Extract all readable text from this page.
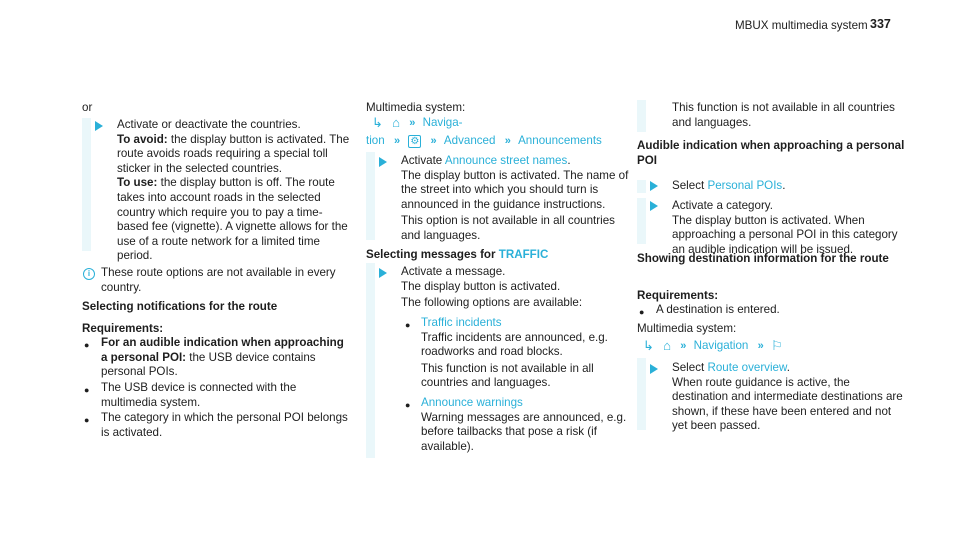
MBUX multimedia system 337

or

Activate or deactivate the countries.

To avoid: the display button is activated. The route avoids roads requiring a special toll sticker in the selected countries.

To use: the display button is off. The route takes into account roads in the selected country which require you to pay a time-based fee (vignette). A vignette allows for the use of a route network for a limited time period.

i These route options are not available in every country.

Selecting notifications for the route

Requirements:

● For an audible indication when approaching a personal POI: the USB device contains personal POIs.

● The USB device is connected with the multimedia system.

● The category in which the personal POI belongs is activated.

Multimedia system:

↳ ⌂ » Naviga-
tion » ⚙ » Advanced » Announcements

Activate Announce street names.

The display button is activated. The name of the street into which you should turn is announced in the guidance instructions.

This option is not available in all countries and languages.

Selecting messages for TRAFFIC

Activate a message.

The display button is activated.

The following options are available:

● Traffic incidents

Traffic incidents are announced, e.g. roadworks and road blocks.

This function is not available in all countries and languages.

● Announce warnings

Warning messages are announced, e.g. before tailbacks that pose a risk (if available).

This function is not available in all countries and languages.

Audible indication when approaching a personal POI

Select Personal POIs.

Activate a category.

The display button is activated. When approaching a personal POI in this category an audible indication will be issued.

Showing destination information for the route

Requirements:

● A destination is entered.

Multimedia system:

↳ ⌂ » Navigation » ⚐

Select Route overview.

When route guidance is active, the destination and intermediate destinations are shown, if these have been entered and not yet been passed.
